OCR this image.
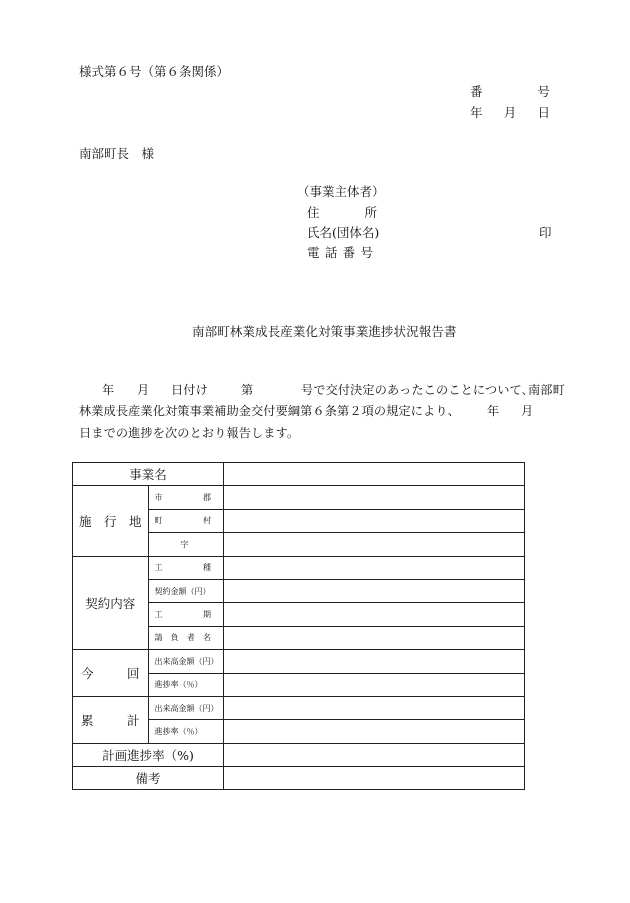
様式第６号（第６条関係）
番	号
年 月 日
南部町長　様
（事業主体者）
住	所
氏名(団体名)	印
電 話 番 号
南部町林業成長産業化対策事業進捗状況報告書
年 月 日付け	第	号で交付決定のあったこのことについて､南部町
林業成長産業化対策事業補助金交付要綱第６条第２項の規定により、 年 月
日までの進捗を次のとおり報告します。
事業名		
施　行　地	市 郡	

	町 村	

	字	
契約内容	工 種	

	契約金額（円）	

	工 期	

	請 負 者 名	

今 回	出来高金額（円）	
	進捗率（％）	

累 計	出来高金額（円）	
	進捗率（％）	
計画進捗率（%)		
備考		
